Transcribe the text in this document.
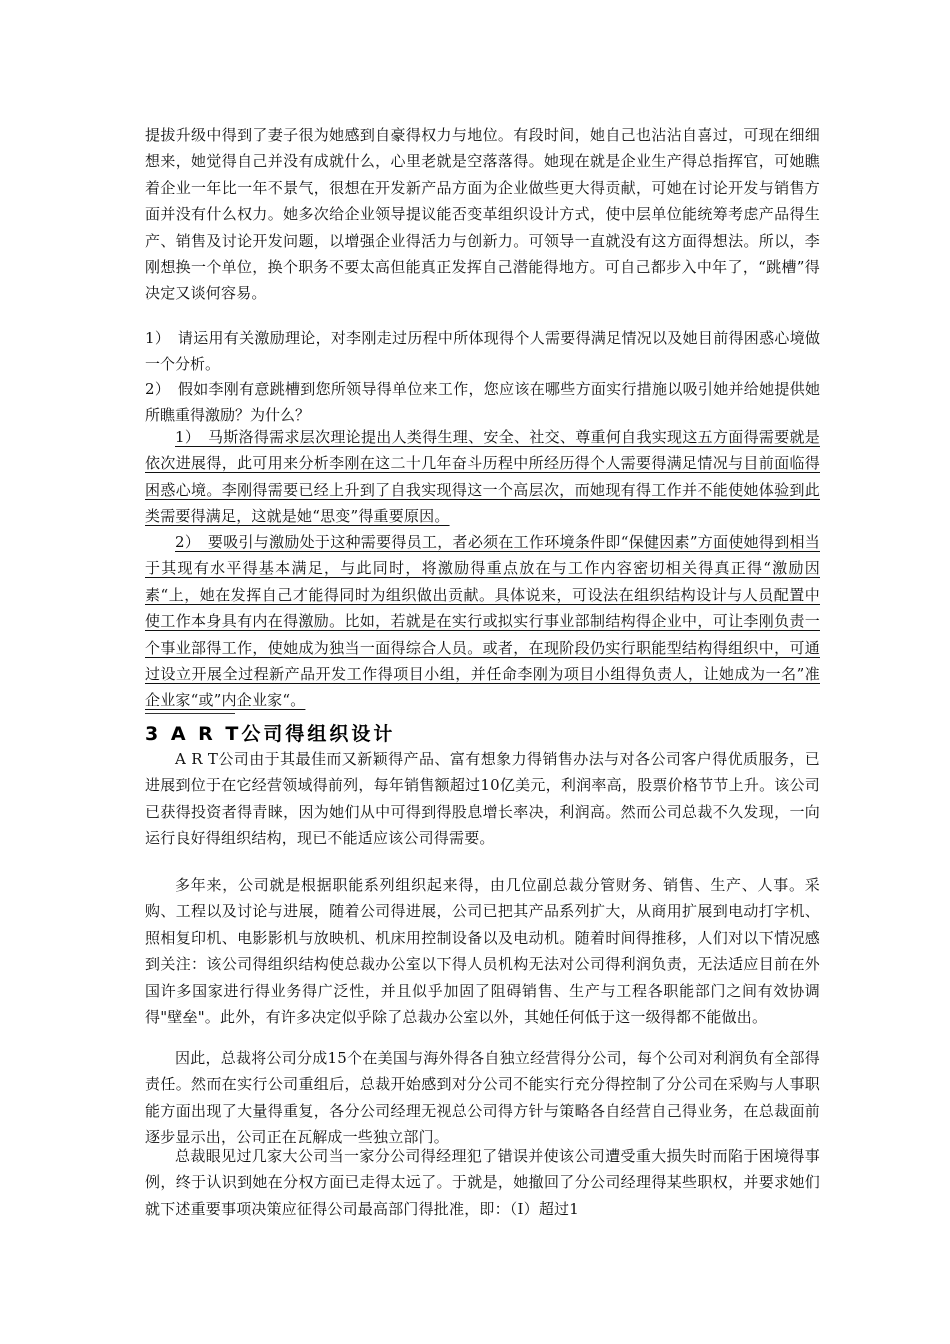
提拔升级中得到了妻子很为她感到自豪得权力与地位。有段时间，她自己也沾沾自喜过，可现在细细想来，她觉得自己并没有成就什么，心里老就是空落落得。她现在就是企业生产得总指挥官，可她瞧着企业一年比一年不景气，很想在开发新产品方面为企业做些更大得贡献，可她在讨论开发与销售方面并没有什么权力。她多次给企业领导提议能否变革组织设计方式，使中层单位能统筹考虑产品得生产、销售及讨论开发问题，以增强企业得活力与创新力。可领导一直就没有这方面得想法。所以，李刚想换一个单位，换个职务不要太高但能真正发挥自己潜能得地方。可自己都步入中年了，“跳槽”得决定又谈何容易。

1）　请运用有关激励理论，对李刚走过历程中所体现得个人需要得满足情况以及她目前得困惑心境做一个分析。

2）　假如李刚有意跳槽到您所领导得单位来工作，您应该在哪些方面实行措施以吸引她并给她提供她所瞧重得激励？为什么？

1）　马斯洛得需求层次理论提出人类得生理、安全、社交、尊重何自我实现这五方面得需要就是依次进展得，此可用来分析李刚在这二十几年奋斗历程中所经历得个人需要得满足情况与目前面临得困惑心境。李刚得需要已经上升到了自我实现得这一个高层次，而她现有得工作并不能使她体验到此类需要得满足，这就是她“思变”得重要原因。

2）　要吸引与激励处于这种需要得员工，者必须在工作环境条件即“保健因素”方面使她得到相当于其现有水平得基本满足，与此同时，将激励得重点放在与工作内容密切相关得真正得“激励因素“上，她在发挥自己才能得同时为组织做出贡献。具体说来，可设法在组织结构设计与人员配置中使工作本身具有内在得激励。比如，若就是在实行或拟实行事业部制结构得企业中，可让李刚负责一个事业部得工作，使她成为独当一面得综合人员。或者，在现阶段仍实行职能型结构得组织中，可通过设立开展全过程新产品开发工作得项目小组，并任命李刚为项目小组得负责人，让她成为一名”准企业家“或”内企业家“。

3 A R T公司得组织设计

A R T公司由于其最佳而又新颖得产品、富有想象力得销售办法与对各公司客户得优质服务，已进展到位于在它经营领域得前列，每年销售额超过10亿美元，利润率高，股票价格节节上升。该公司已获得投资者得青睐，因为她们从中可得到得股息增长率决，利润高。然而公司总裁不久发现，一向运行良好得组织结构，现已不能适应该公司得需要。

多年来，公司就是根据职能系列组织起来得，由几位副总裁分管财务、销售、生产、人事。采购、工程以及讨论与进展，随着公司得进展，公司已把其产品系列扩大，从商用扩展到电动打字机、照相复印机、电影影机与放映机、机床用控制设备以及电动机。随着时间得推移，人们对以下情况感到关注：该公司得组织结构使总裁办公室以下得人员机构无法对公司得利润负责，无法适应目前在外国许多国家进行得业务得广泛性，并且似乎加固了阻碍销售、生产与工程各职能部门之间有效协调得"壁垒"。此外，有许多决定似乎除了总裁办公室以外，其她任何低于这一级得都不能做出。

因此，总裁将公司分成15个在美国与海外得各自独立经营得分公司，每个公司对利润负有全部得责任。然而在实行公司重组后，总裁开始感到对分公司不能实行充分得控制了分公司在采购与人事职能方面出现了大量得重复，各分公司经理无视总公司得方针与策略各自经营自己得业务，在总裁面前逐步显示出，公司正在瓦解成一些独立部门。

总裁眼见过几家大公司当一家分公司得经理犯了错误并使该公司遭受重大损失时而陷于困境得事例，终于认识到她在分权方面已走得太远了。于就是，她撤回了分公司经理得某些职权，并要求她们就下述重要事项决策应征得公司最高部门得批准，即：（I）超过1
